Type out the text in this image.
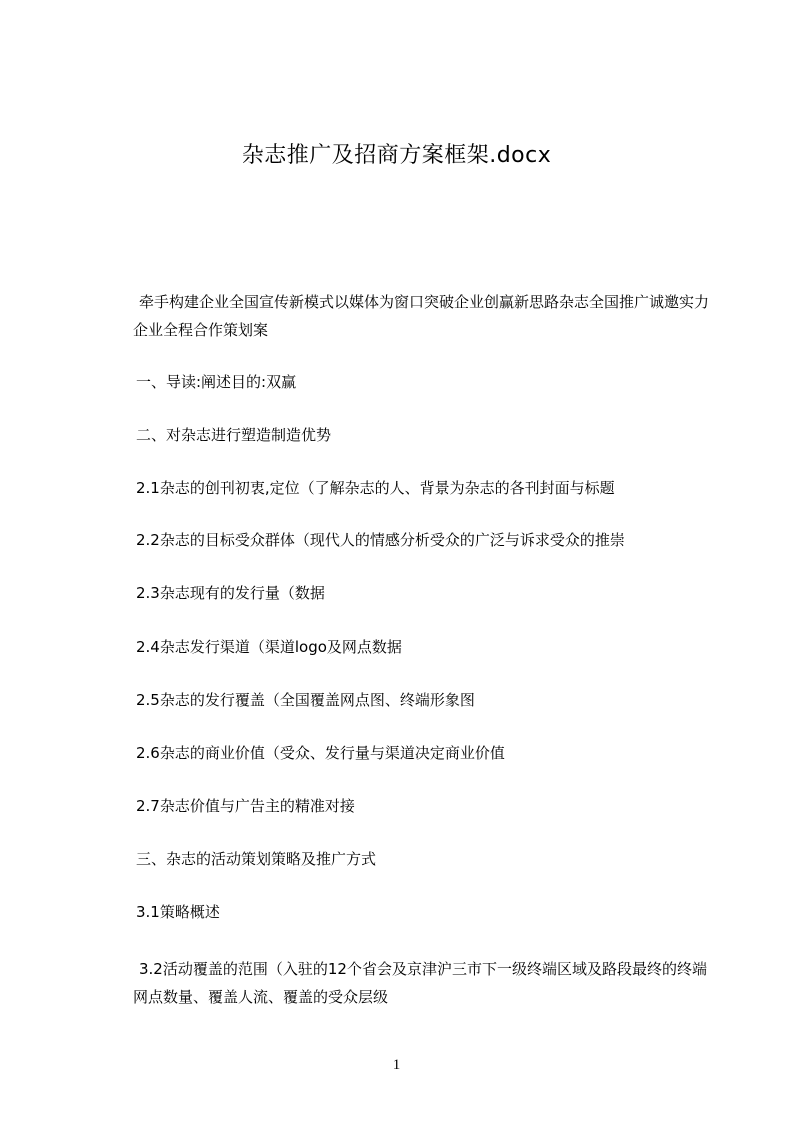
杂志推广及招商方案框架.docx

牵手构建企业全国宣传新模式以媒体为窗口突破企业创赢新思路杂志全国推广诚邀实力企业全程合作策划案

一、导读:阐述目的:双赢
二、对杂志进行塑造制造优势
2.1杂志的创刊初衷,定位（了解杂志的人、背景为杂志的各刊封面与标题
2.2杂志的目标受众群体（现代人的情感分析受众的广泛与诉求受众的推崇
2.3杂志现有的发行量（数据
2.4杂志发行渠道（渠道logo及网点数据
2.5杂志的发行覆盖（全国覆盖网点图、终端形象图
2.6杂志的商业价值（受众、发行量与渠道决定商业价值
2.7杂志价值与广告主的精准对接
三、杂志的活动策划策略及推广方式
3.1策略概述

3.2活动覆盖的范围（入驻的12个省会及京津沪三市下一级终端区域及路段最终的终端网点数量、覆盖人流、覆盖的受众层级

1
